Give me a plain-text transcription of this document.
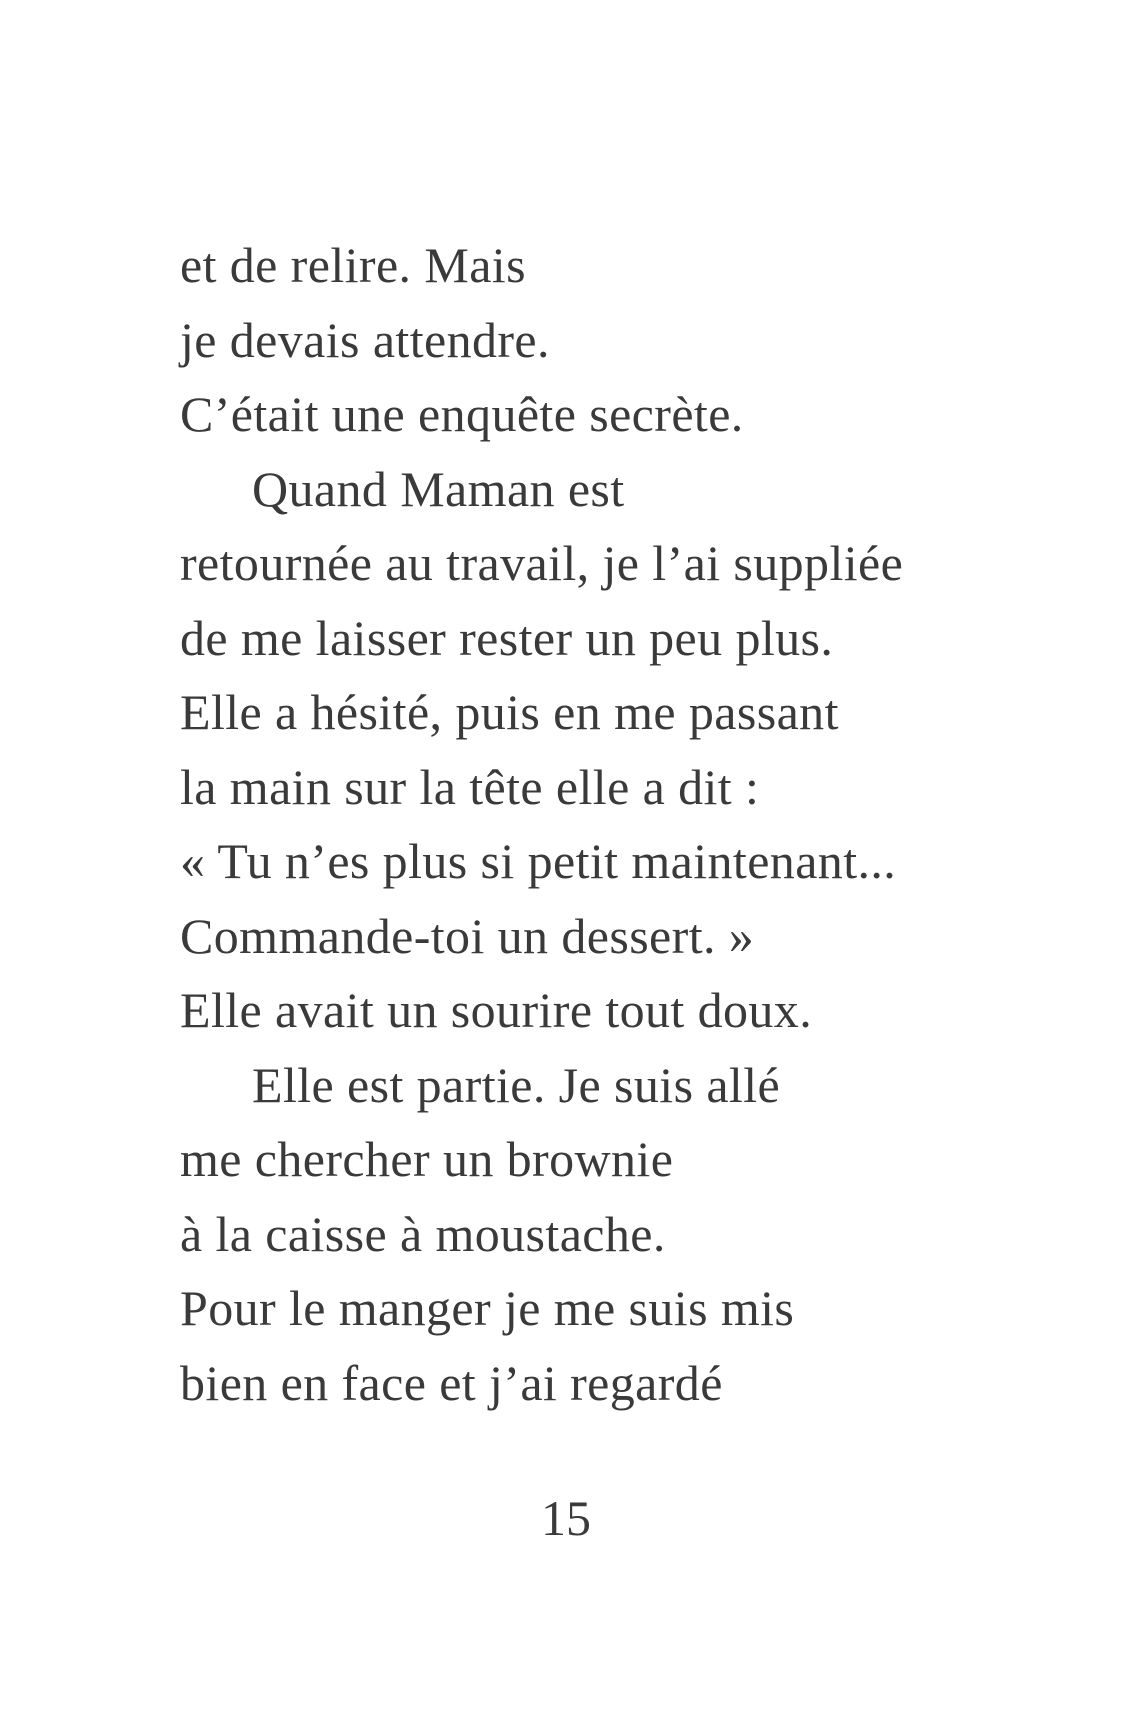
et de relire. Mais
je devais attendre.
C’était une enquête secrète.
Quand Maman est
retournée au travail, je l’ai suppliée
de me laisser rester un peu plus.
Elle a hésité, puis en me passant
la main sur la tête elle a dit :
« Tu n’es plus si petit maintenant...
Commande-toi un dessert. »
Elle avait un sourire tout doux.
Elle est partie. Je suis allé
me chercher un brownie
à la caisse à moustache.
Pour le manger je me suis mis
bien en face et j’ai regardé
15
